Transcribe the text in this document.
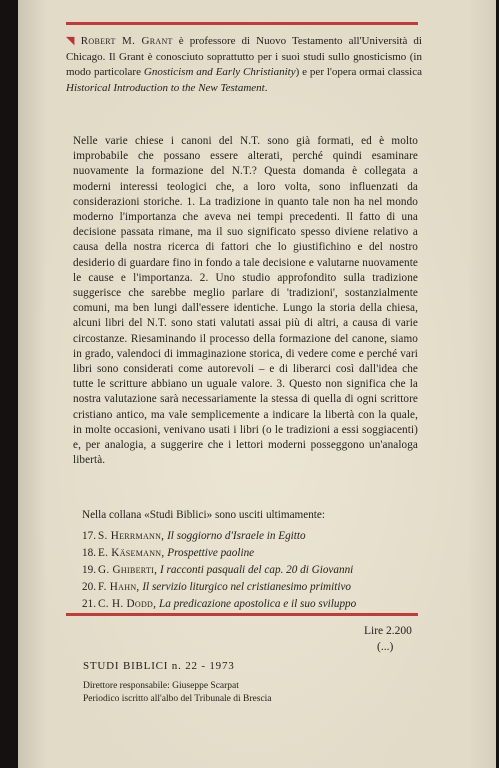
◥ Robert M. Grant è professore di Nuovo Testamento all'Università di Chicago. Il Grant è conosciuto soprattutto per i suoi studi sullo gnosticismo (in modo particolare Gnosticism and Early Christianity) e per l'opera ormai classica Historical Introduction to the New Testament.

Nelle varie chiese i canoni del N.T. sono già formati, ed è molto improbabile che possano essere alterati, perché quindi esaminare nuovamente la formazione del N.T.? Questa domanda è collegata a moderni interessi teologici che, a loro volta, sono influenzati da considerazioni storiche. 1. La tradizione in quanto tale non ha nel mondo moderno l'importanza che aveva nei tempi precedenti. Il fatto di una decisione passata rimane, ma il suo significato spesso diviene relativo a causa della nostra ricerca di fattori che lo giustifichino e del nostro desiderio di guardare fino in fondo a tale decisione e valutarne nuovamente le cause e l'importanza. 2. Uno studio approfondito sulla tradizione suggerisce che sarebbe meglio parlare di 'tradizioni', sostanzialmente comuni, ma ben lungi dall'essere identiche. Lungo la storia della chiesa, alcuni libri del N.T. sono stati valutati assai più di altri, a causa di varie circostanze. Riesaminando il processo della formazione del canone, siamo in grado, valendoci di immaginazione storica, di vedere come e perché vari libri sono considerati come autorevoli – e di liberarci così dall'idea che tutte le scritture abbiano un uguale valore. 3. Questo non significa che la nostra valutazione sarà necessariamente la stessa di quella di ogni scrittore cristiano antico, ma vale semplicemente a indicare la libertà con la quale, in molte occasioni, venivano usati i libri (o le tradizioni a essi soggiacenti) e, per analogia, a suggerire che i lettori moderni posseggono un'analoga libertà.

Nella collana «Studi Biblici» sono usciti ultimamente:

17. S. Herrmann, Il soggiorno d'Israele in Egitto
18. E. Käsemann, Prospettive paoline
19. G. Ghiberti, I racconti pasquali del cap. 20 di Giovanni
20. F. Hahn, Il servizio liturgico nel cristianesimo primitivo
21. C. H. Dodd, La predicazione apostolica e il suo sviluppo

Lire 2.200

(...)

STUDI BIBLICI n. 22 - 1973

Direttore responsabile: Giuseppe Scarpat
Periodico iscritto all'albo del Tribunale di Brescia
